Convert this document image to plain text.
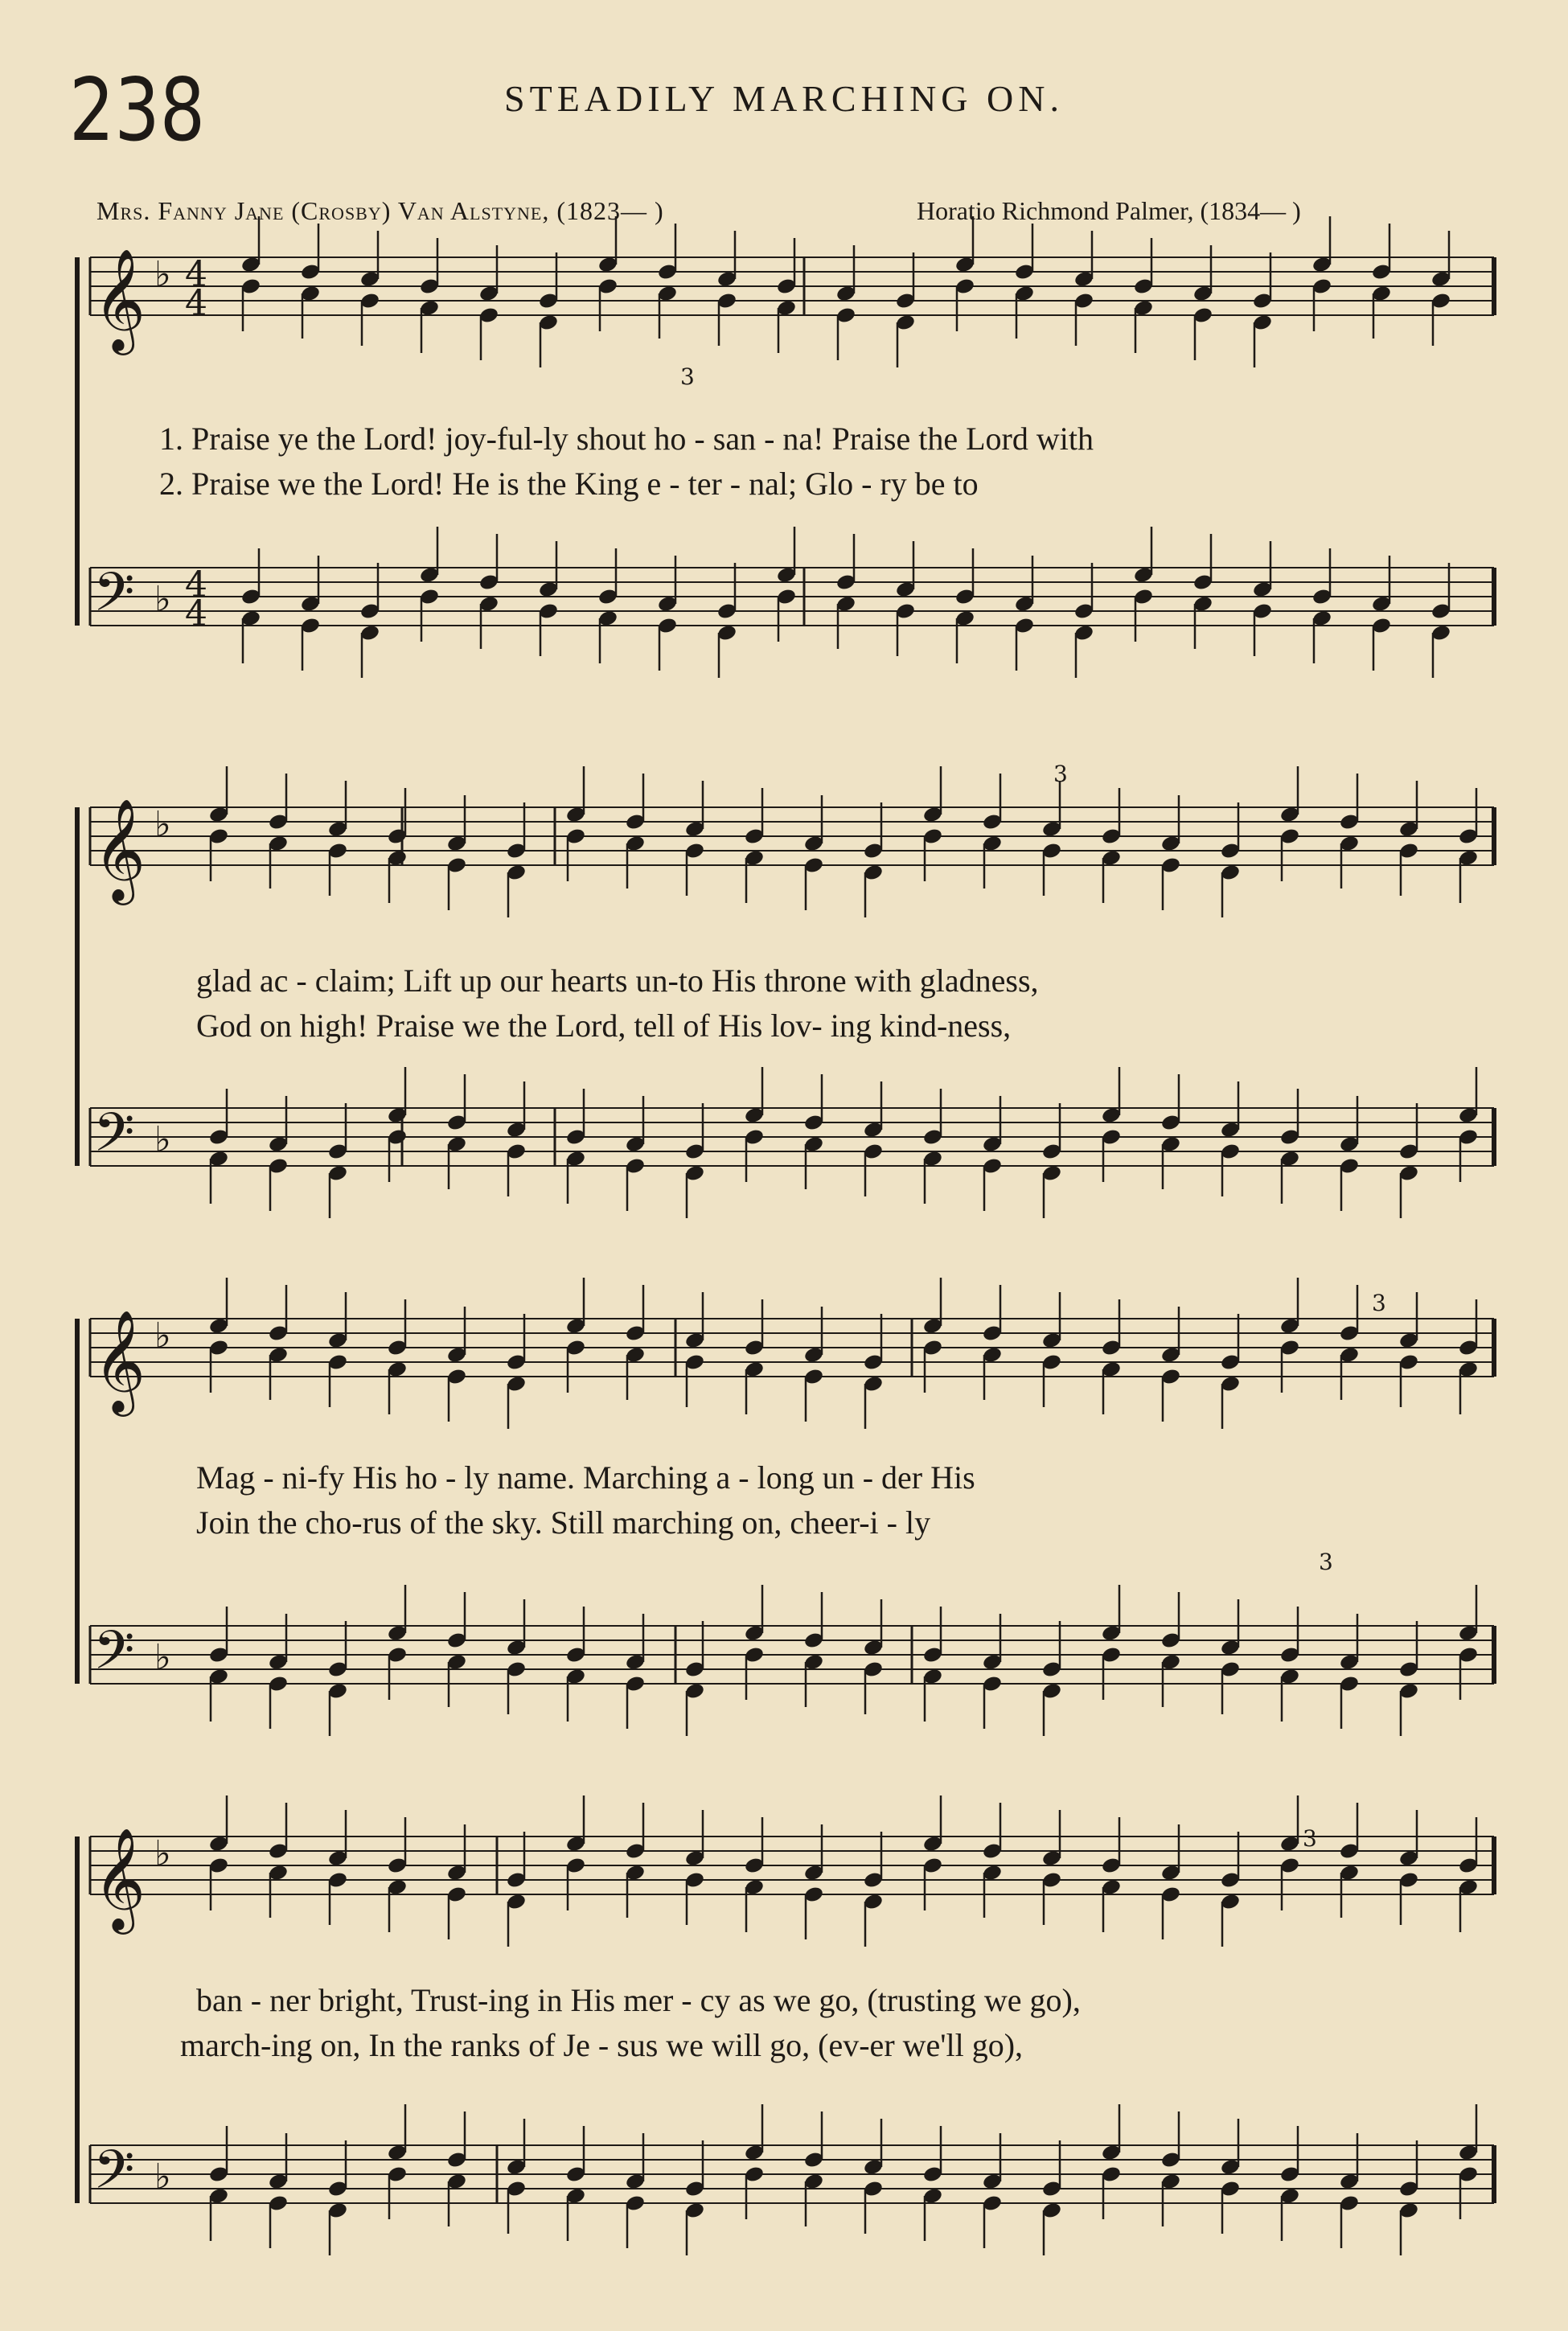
238	STEADILY MARCHING ON.
Mrs. Fanny Jane (Crosby) Van Alstyne, (1823— )	Horatio Richmond Palmer, (1834— )
𝄞 ♭ 4
4
𝄢 ♭ 4
4
𝄞 ♭
𝄢 ♭
𝄞 ♭
𝄢 ♭
𝄞 ♭
𝄢 ♭
3
3
3
3
3
1. Praise ye the Lord! joy-ful-ly shout ho - san - na! Praise the Lord with
2. Praise we the Lord! He is the King e - ter - nal; Glo - ry be to
glad ac - claim; Lift up our hearts un-to His throne with gladness,
God on high! Praise we the Lord, tell of His lov- ing kind-ness,
Mag - ni-fy His ho - ly name. Marching a - long un - der His
Join the cho-rus of the sky. Still marching on, cheer-i - ly
ban - ner bright, Trust-ing in His mer - cy as we go, (trusting we go),
march-ing on, In the ranks of Je - sus we will go, (ev-er we'll go),
